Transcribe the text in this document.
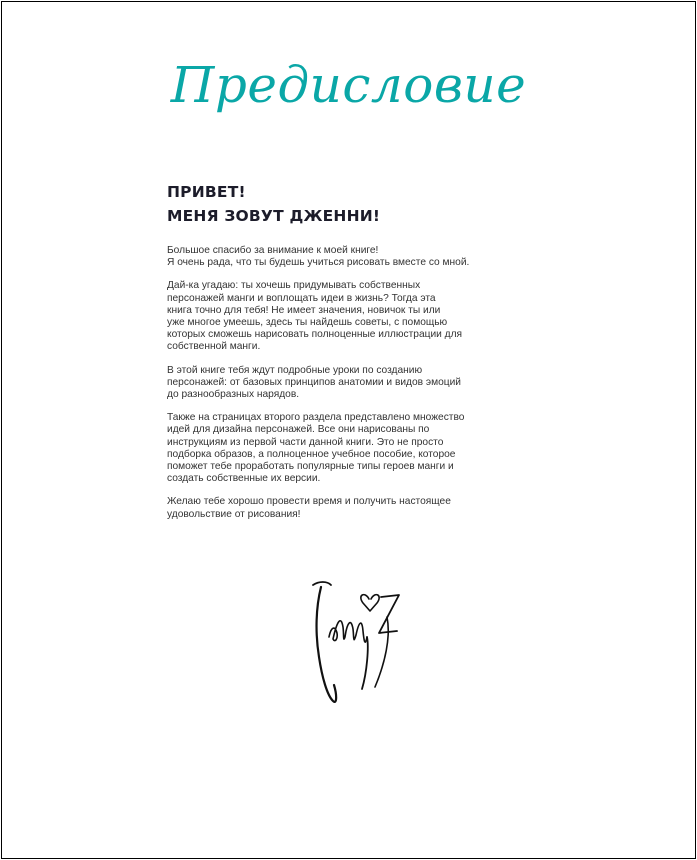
Предисловие
ПРИВЕТ!
МЕНЯ ЗОВУТ ДЖЕННИ!

Большое спасибо за внимание к моей книге!
Я очень рада, что ты будешь учиться рисовать вместе со мной.

Дай-ка угадаю: ты хочешь придумывать собственных
персонажей манги и воплощать идеи в жизнь? Тогда эта
книга точно для тебя! Не имеет значения, новичок ты или
уже многое умеешь, здесь ты найдешь советы, с помощью
которых сможешь нарисовать полноценные иллюстрации для
собственной манги.

В этой книге тебя ждут подробные уроки по созданию
персонажей: от базовых принципов анатомии и видов эмоций
до разнообразных нарядов.

Также на страницах второго раздела представлено множество
идей для дизайна персонажей. Все они нарисованы по
инструкциям из первой части данной книги. Это не просто
подборка образов, а полноценное учебное пособие, которое
поможет тебе проработать популярные типы героев манги и
создать собственные их версии.

Желаю тебе хорошо провести время и получить настоящее
удовольствие от рисования!
